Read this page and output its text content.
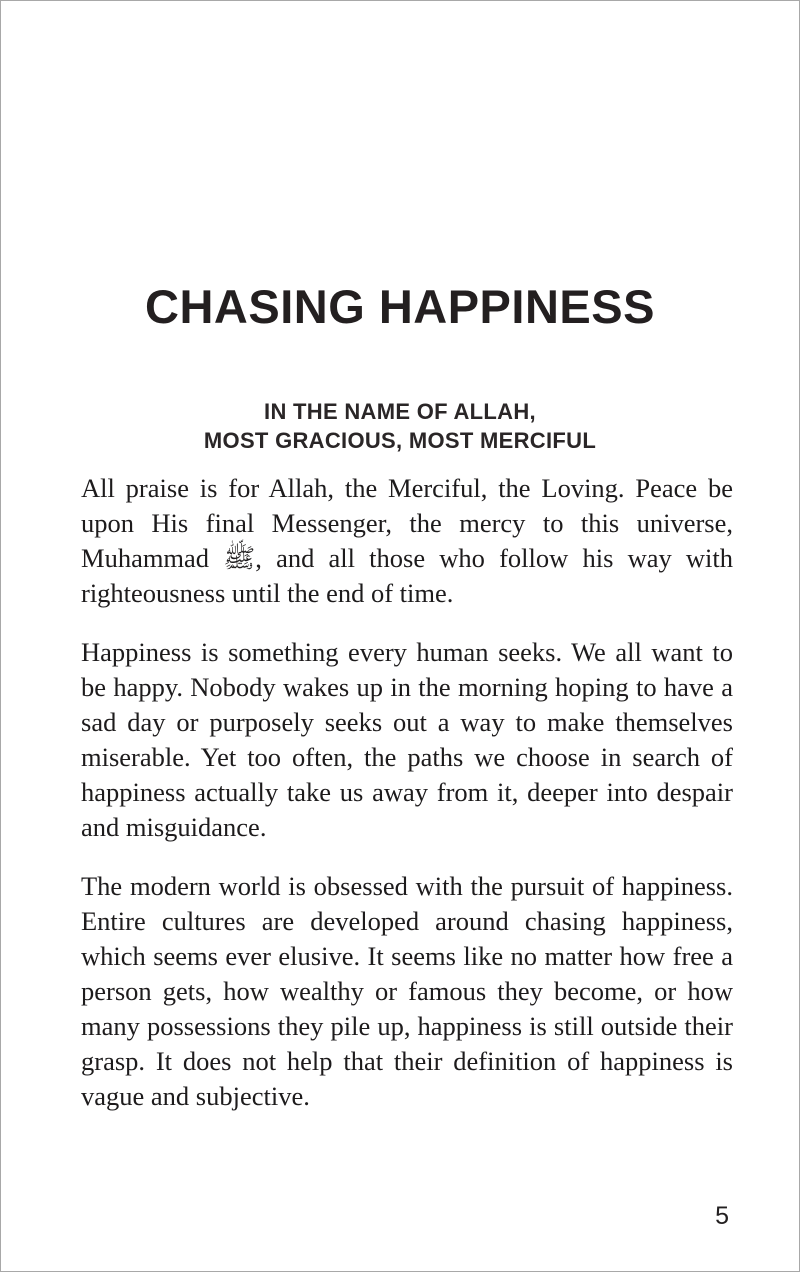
CHASING HAPPINESS
IN THE NAME OF ALLAH,
MOST GRACIOUS, MOST MERCIFUL

All praise is for Allah, the Merciful, the Loving. Peace be upon His final Messenger, the mercy to this universe, Muhammad ﷺ, and all those who follow his way with righteousness until the end of time.

Happiness is something every human seeks. We all want to be happy. Nobody wakes up in the morning hoping to have a sad day or purposely seeks out a way to make themselves miserable. Yet too often, the paths we choose in search of happiness actually take us away from it, deeper into despair and misguidance.

The modern world is obsessed with the pursuit of happiness. Entire cultures are developed around chasing happiness, which seems ever elusive. It seems like no matter how free a person gets, how wealthy or famous they become, or how many possessions they pile up, happiness is still outside their grasp. It does not help that their definition of happiness is vague and subjective.

5
